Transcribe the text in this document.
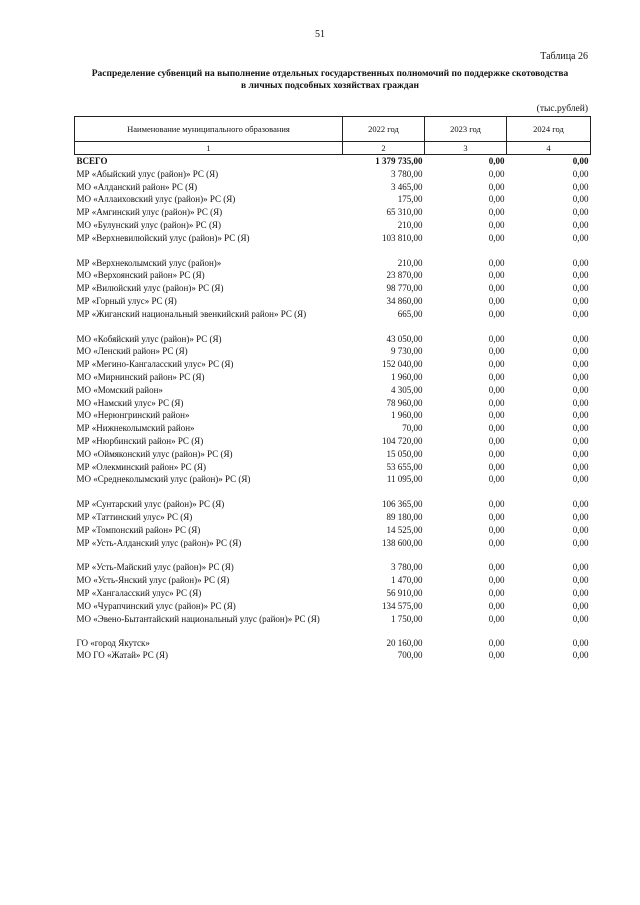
51
Таблица 26
Распределение субвенций на выполнение отдельных государственных полномочий по поддержке скотоводства
в личных подсобных хозяйствах граждан
(тыс.рублей)
Наименование муниципального образования	2022 год	2023 год	2024 год
1	2	3	4
ВСЕГО	1 379 735,00	0,00	0,00
МР «Абыйский улус (район)» РС (Я)	3 780,00	0,00	0,00
МО «Алданский район» РС (Я)	3 465,00	0,00	0,00
МО «Аллаиховский улус (район)» РС (Я)	175,00	0,00	0,00
МР «Амгинский улус (район)» РС (Я)	65 310,00	0,00	0,00
МО «Булунский улус (район)» РС (Я)	210,00	0,00	0,00
МР «Верхневилюйский улус (район)» РС (Я)	103 810,00	0,00	0,00

МР «Верхнеколымский улус (район)»	210,00	0,00	0,00
МО «Верхоянский район» РС (Я)	23 870,00	0,00	0,00
МР «Вилюйский улус (район)» РС (Я)	98 770,00	0,00	0,00
МР «Горный улус» РС (Я)	34 860,00	0,00	0,00
МР «Жиганский национальный эвенкийский район» РС (Я)	665,00	0,00	0,00

МО «Кобяйский улус (район)» РС (Я)	43 050,00	0,00	0,00
МО «Ленский район» РС (Я)	9 730,00	0,00	0,00
МР «Мегино-Кангаласский улус» РС (Я)	152 040,00	0,00	0,00
МО «Мирнинский район» РС (Я)	1 960,00	0,00	0,00
МО «Момский район»	4 305,00	0,00	0,00
МО «Намский улус» РС (Я)	78 960,00	0,00	0,00
МО «Нерюнгринский район»	1 960,00	0,00	0,00
МР «Нижнеколымский район»	70,00	0,00	0,00
МР «Нюрбинский район» РС (Я)	104 720,00	0,00	0,00
МО «Оймяконский улус (район)» РС (Я)	15 050,00	0,00	0,00
МР «Олекминский район» РС (Я)	53 655,00	0,00	0,00
МО «Среднеколымский улус (район)» РС (Я)	11 095,00	0,00	0,00

МР «Сунтарский улус (район)» РС (Я)	106 365,00	0,00	0,00
МР «Таттинский улус» РС (Я)	89 180,00	0,00	0,00
МР «Томпонский район» РС (Я)	14 525,00	0,00	0,00
МР «Усть-Алданский улус (район)» РС (Я)	138 600,00	0,00	0,00

МР «Усть-Майский улус (район)» РС (Я)	3 780,00	0,00	0,00
МО «Усть-Янский улус (район)» РС (Я)	1 470,00	0,00	0,00
МР «Хангаласский улус» РС (Я)	56 910,00	0,00	0,00
МО «Чурапчинский улус (район)» РС (Я)	134 575,00	0,00	0,00
МО «Эвено-Бытантайский национальный улус (район)» РС (Я)	1 750,00	0,00	0,00
ГО «город Якутск»	20 160,00	0,00	0,00
МО ГО «Жатай» РС (Я)	700,00	0,00	0,00
